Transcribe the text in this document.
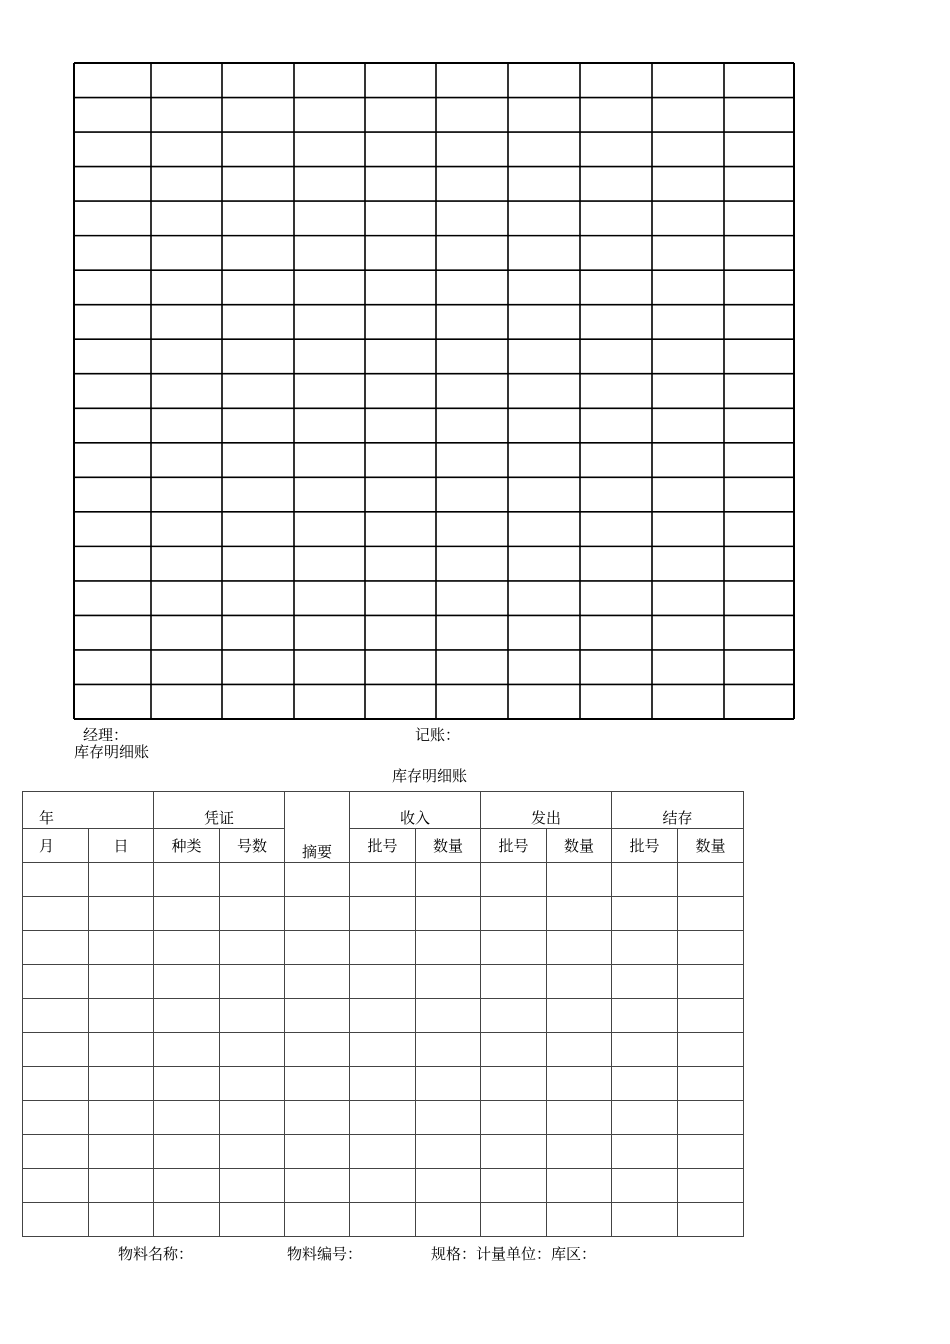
经理：	记账：
库存明细账
库存明细账
年		凭证		摘要	收入		发出		结存	
月	日	种类	号数		批号	数量	批号	数量	批号	数量

物料名称：	物料编号：	规格：计量单位：库区：
